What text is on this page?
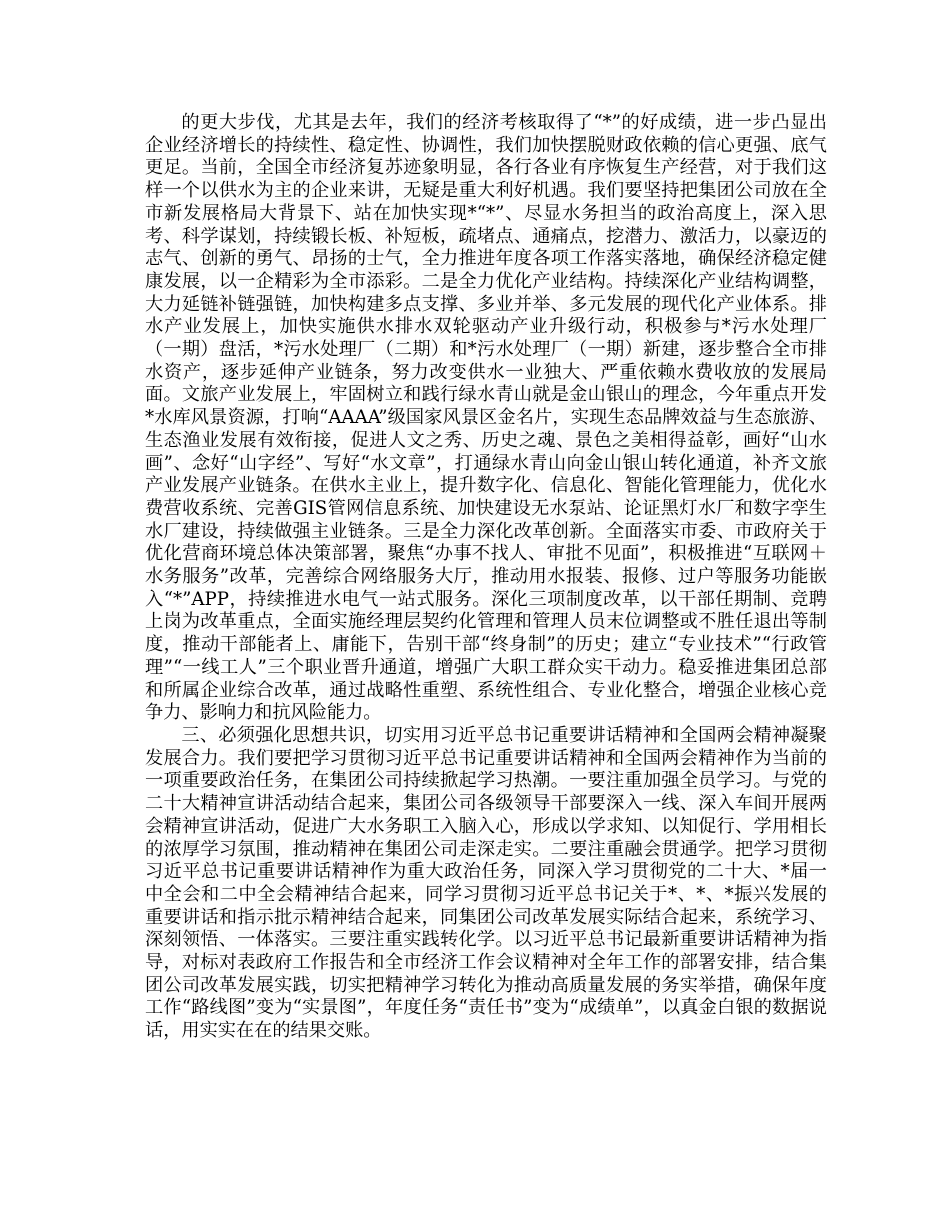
的更大步伐，尤其是去年，我们的经济考核取得了“*”的好成绩，进一步凸显出企业经济增长的持续性、稳定性、协调性，我们加快摆脱财政依赖的信心更强、底气更足。当前，全国全市经济复苏迹象明显，各行各业有序恢复生产经营，对于我们这样一个以供水为主的企业来讲，无疑是重大利好机遇。我们要坚持把集团公司放在全市新发展格局大背景下、站在加快实现*“*”、尽显水务担当的政治高度上，深入思考、科学谋划，持续锻长板、补短板，疏堵点、通痛点，挖潜力、激活力，以豪迈的志气、创新的勇气、昂扬的士气，全力推进年度各项工作落实落地，确保经济稳定健康发展，以一企精彩为全市添彩。二是全力优化产业结构。持续深化产业结构调整，大力延链补链强链，加快构建多点支撑、多业并举、多元发展的现代化产业体系。排水产业发展上，加快实施供水排水双轮驱动产业升级行动，积极参与*污水处理厂（一期）盘活，*污水处理厂（二期）和*污水处理厂（一期）新建，逐步整合全市排水资产，逐步延伸产业链条，努力改变供水一业独大、严重依赖水费收放的发展局面。文旅产业发展上，牢固树立和践行绿水青山就是金山银山的理念，今年重点开发*水库风景资源，打响“AAAA”级国家风景区金名片，实现生态品牌效益与生态旅游、生态渔业发展有效衔接，促进人文之秀、历史之魂、景色之美相得益彰，画好“山水画”、念好“山字经”、写好“水文章”，打通绿水青山向金山银山转化通道，补齐文旅产业发展产业链条。在供水主业上，提升数字化、信息化、智能化管理能力，优化水费营收系统、完善GIS管网信息系统、加快建设无水泵站、论证黑灯水厂和数字孪生水厂建设，持续做强主业链条。三是全力深化改革创新。全面落实市委、市政府关于优化营商环境总体决策部署，聚焦“办事不找人、审批不见面”，积极推进“互联网＋水务服务”改革，完善综合网络服务大厅，推动用水报装、报修、过户等服务功能嵌入“*”APP，持续推进水电气一站式服务。深化三项制度改革，以干部任期制、竞聘上岗为改革重点，全面实施经理层契约化管理和管理人员末位调整或不胜任退出等制度，推动干部能者上、庸能下，告别干部“终身制”的历史；建立“专业技术”“行政管理”“一线工人”三个职业晋升通道，增强广大职工群众实干动力。稳妥推进集团总部和所属企业综合改革，通过战略性重塑、系统性组合、专业化整合，增强企业核心竞争力、影响力和抗风险能力。

三、必须强化思想共识，切实用习近平总书记重要讲话精神和全国两会精神凝聚发展合力。我们要把学习贯彻习近平总书记重要讲话精神和全国两会精神作为当前的一项重要政治任务，在集团公司持续掀起学习热潮。一要注重加强全员学习。与党的二十大精神宣讲活动结合起来，集团公司各级领导干部要深入一线、深入车间开展两会精神宣讲活动，促进广大水务职工入脑入心，形成以学求知、以知促行、学用相长的浓厚学习氛围，推动精神在集团公司走深走实。二要注重融会贯通学。把学习贯彻习近平总书记重要讲话精神作为重大政治任务，同深入学习贯彻党的二十大、*届一中全会和二中全会精神结合起来，同学习贯彻习近平总书记关于*、*、*振兴发展的重要讲话和指示批示精神结合起来，同集团公司改革发展实际结合起来，系统学习、深刻领悟、一体落实。三要注重实践转化学。以习近平总书记最新重要讲话精神为指导，对标对表政府工作报告和全市经济工作会议精神对全年工作的部署安排，结合集团公司改革发展实践，切实把精神学习转化为推动高质量发展的务实举措，确保年度工作“路线图”变为“实景图”，年度任务“责任书”变为“成绩单”，以真金白银的数据说话，用实实在在的结果交账。
